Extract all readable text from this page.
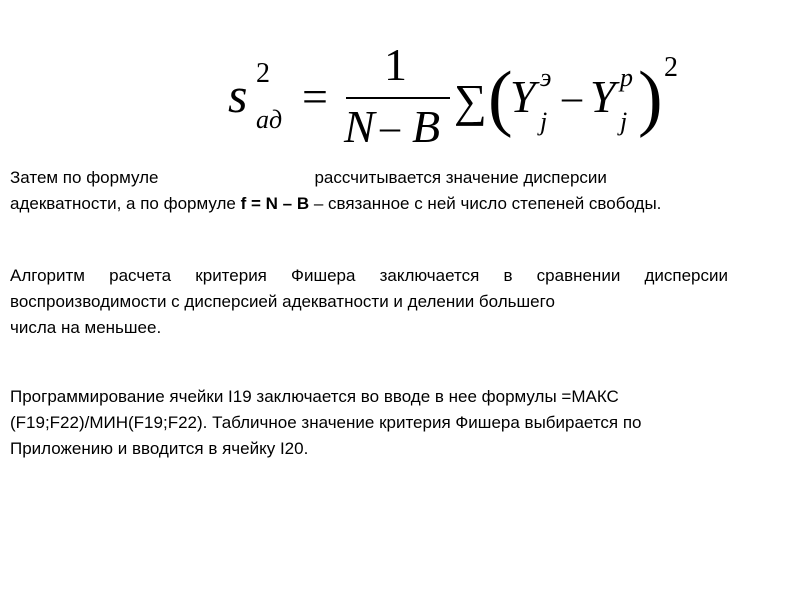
s 2
ад =
1
N – B
∑ (
Y э
j
– Y р
j ) 2

Затем по формуле	рассчитывается значение дисперсии
адекватности, а по формуле f = N – B – связанное с ней число степеней свободы.

Алгоритм расчета критерия Фишера заключается в сравнении дисперсии
воспроизводимости с дисперсией адекватности и делении большего
числа на меньшее.

Программирование ячейки I19 заключается во вводе в нее формулы =МАКС
(F19;F22)/МИН(F19;F22). Табличное значение критерия Фишера выбирается по
Приложению и вводится в ячейку I20.
